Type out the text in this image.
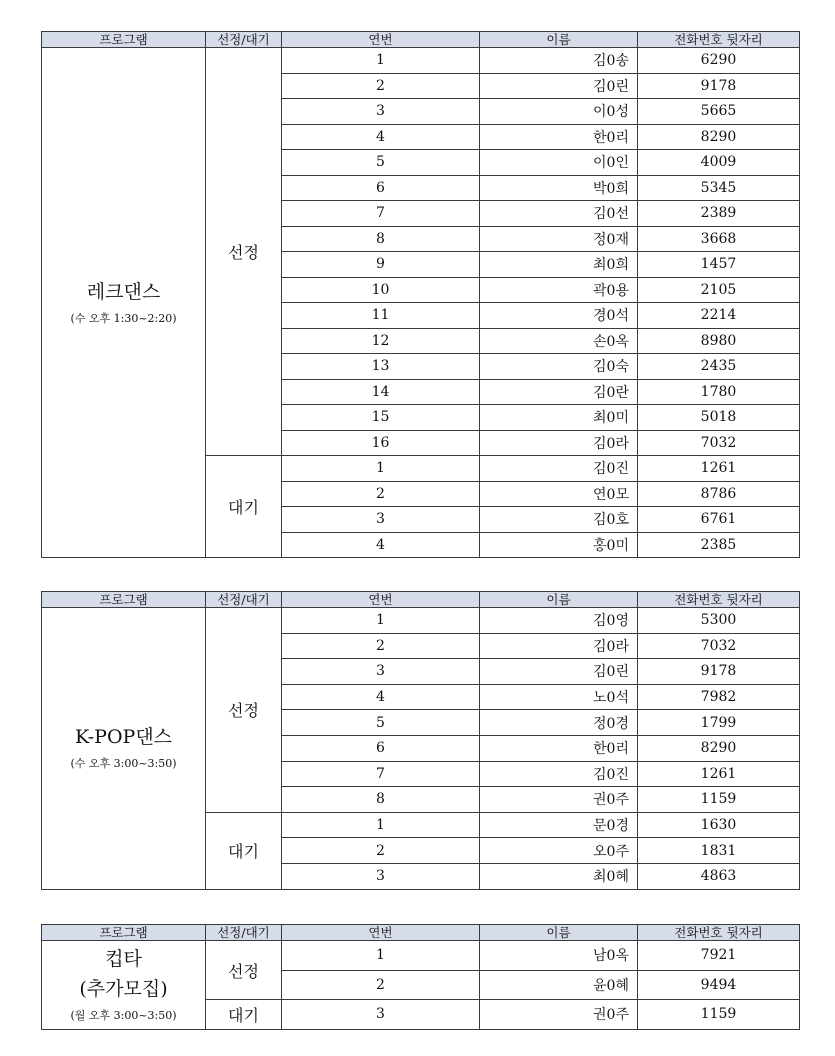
프로그램	선정/대기	연번	이름	전화번호 뒷자리

레크댄스
(수 오후 1:30~2:20)	선정	1	김0송	6290
		2	김0린	9178
		3	이0성	5665
		4	한0리	8290
		5	이0인	4009
		6	박0희	5345
		7	김0선	2389
		8	정0재	3668
		9	최0희	1457
		10	곽0용	2105
		11	경0석	2214
		12	손0옥	8980
		13	김0숙	2435
		14	김0란	1780
		15	최0미	5018
		16	김0라	7032
	대기	1	김0진	1261
		2	연0모	8786
		3	김0호	6761
		4	홍0미	2385
프로그램	선정/대기	연번	이름	전화번호 뒷자리

K-POP댄스
(수 오후 3:00~3:50)	선정	1	김0영	5300
		2	김0라	7032
		3	김0린	9178
		4	노0석	7982
		5	정0경	1799
		6	한0리	8290
		7	김0진	1261
		8	권0주	1159
	대기	1	문0경	1630
		2	오0주	1831
		3	최0혜	4863
프로그램	선정/대기	연번	이름	전화번호 뒷자리

컵타
(추가모집)
(월 오후 3:00~3:50)	선정	1	남0옥	7921
		2	윤0혜	9494
	대기	3	권0주	1159
